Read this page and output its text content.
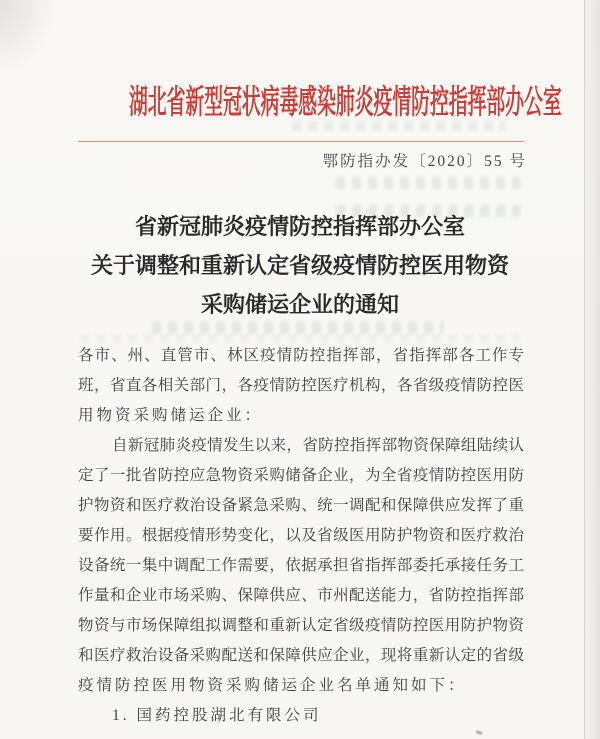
湖北省新型冠状病毒感染肺炎疫情防控指挥部办公室
鄂防指办发〔2020〕55 号
省新冠肺炎疫情防控指挥部办公室
关于调整和重新认定省级疫情防控医用物资
采购储运企业的通知
各市、州、直管市、林区疫情防控指挥部，省指挥部各工作专
班，省直各相关部门，各疫情防控医疗机构，各省级疫情防控医
用物资采购储运企业：
自新冠肺炎疫情发生以来，省防控指挥部物资保障组陆续认
定了一批省防控应急物资采购储备企业，为全省疫情防控医用防
护物资和医疗救治设备紧急采购、统一调配和保障供应发挥了重
要作用。根据疫情形势变化，以及省级医用防护物资和医疗救治
设备统一集中调配工作需要，依据承担省指挥部委托承接任务工
作量和企业市场采购、保障供应、市州配送能力，省防控指挥部
物资与市场保障组拟调整和重新认定省级疫情防控医用防护物资
和医疗救治设备采购配送和保障供应企业，现将重新认定的省级
疫情防控医用物资采购储运企业名单通知如下：
1. 国药控股湖北有限公司
